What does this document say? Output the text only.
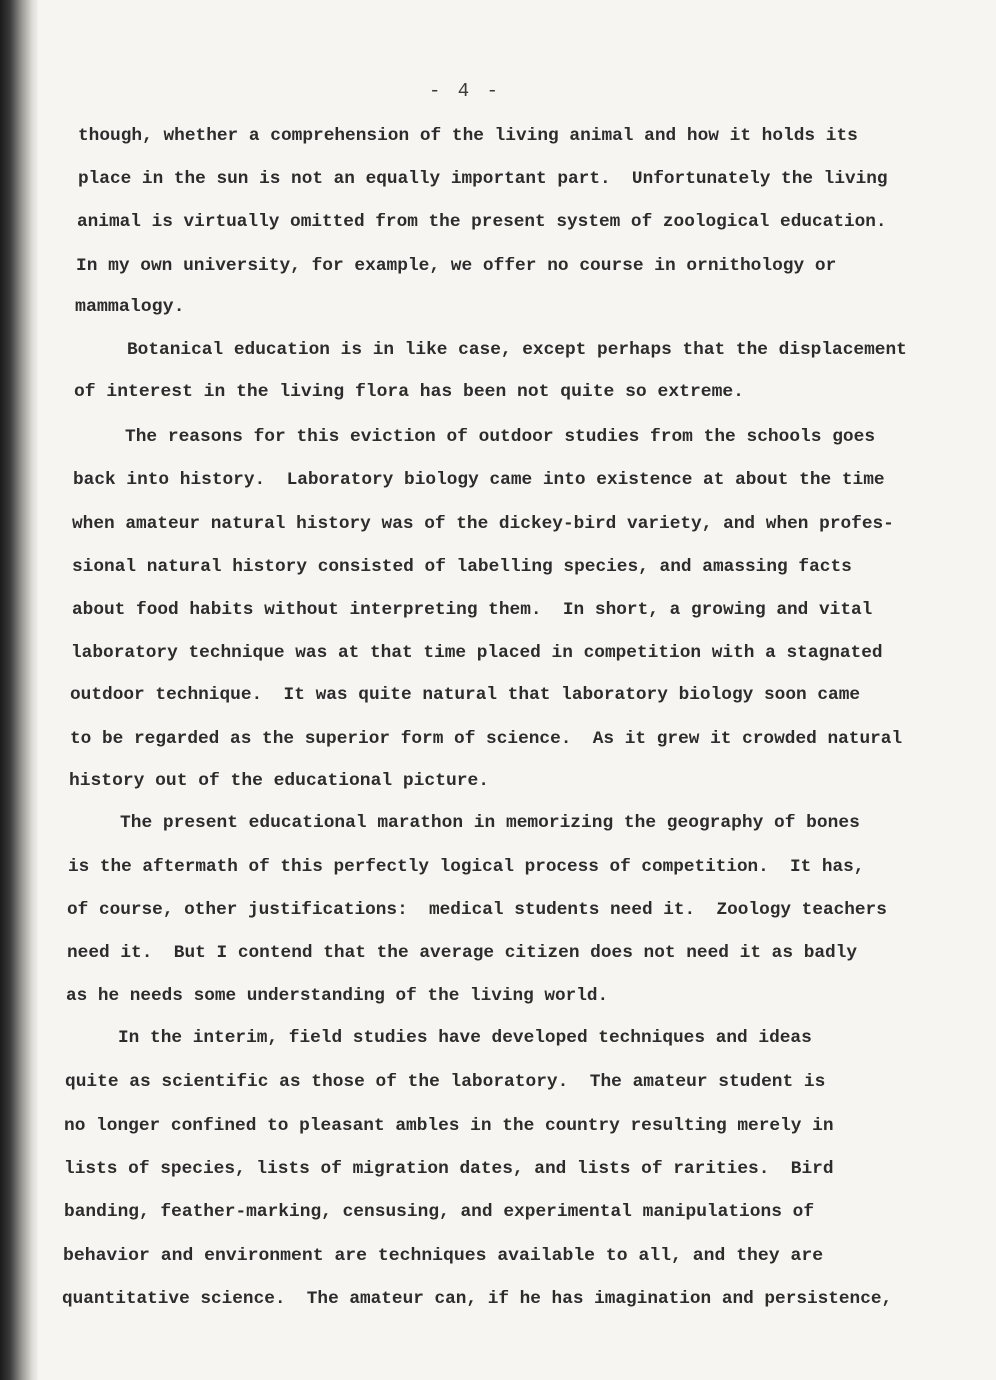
- 4 -

though, whether a comprehension of the living animal and how it holds its

place in the sun is not an equally important part.  Unfortunately the living

animal is virtually omitted from the present system of zoological education.

In my own university, for example, we offer no course in ornithology or

mammalogy.

Botanical education is in like case, except perhaps that the displacement

of interest in the living flora has been not quite so extreme.

The reasons for this eviction of outdoor studies from the schools goes

back into history.  Laboratory biology came into existence at about the time

when amateur natural history was of the dickey-bird variety, and when profes-

sional natural history consisted of labelling species, and amassing facts

about food habits without interpreting them.  In short, a growing and vital

laboratory technique was at that time placed in competition with a stagnated

outdoor technique.  It was quite natural that laboratory biology soon came

to be regarded as the superior form of science.  As it grew it crowded natural

history out of the educational picture.

The present educational marathon in memorizing the geography of bones

is the aftermath of this perfectly logical process of competition.  It has,

of course, other justifications:  medical students need it.  Zoology teachers

need it.  But I contend that the average citizen does not need it as badly

as he needs some understanding of the living world.

In the interim, field studies have developed techniques and ideas

quite as scientific as those of the laboratory.  The amateur student is

no longer confined to pleasant ambles in the country resulting merely in

lists of species, lists of migration dates, and lists of rarities.  Bird

banding, feather-marking, censusing, and experimental manipulations of

behavior and environment are techniques available to all, and they are

quantitative science.  The amateur can, if he has imagination and persistence,
